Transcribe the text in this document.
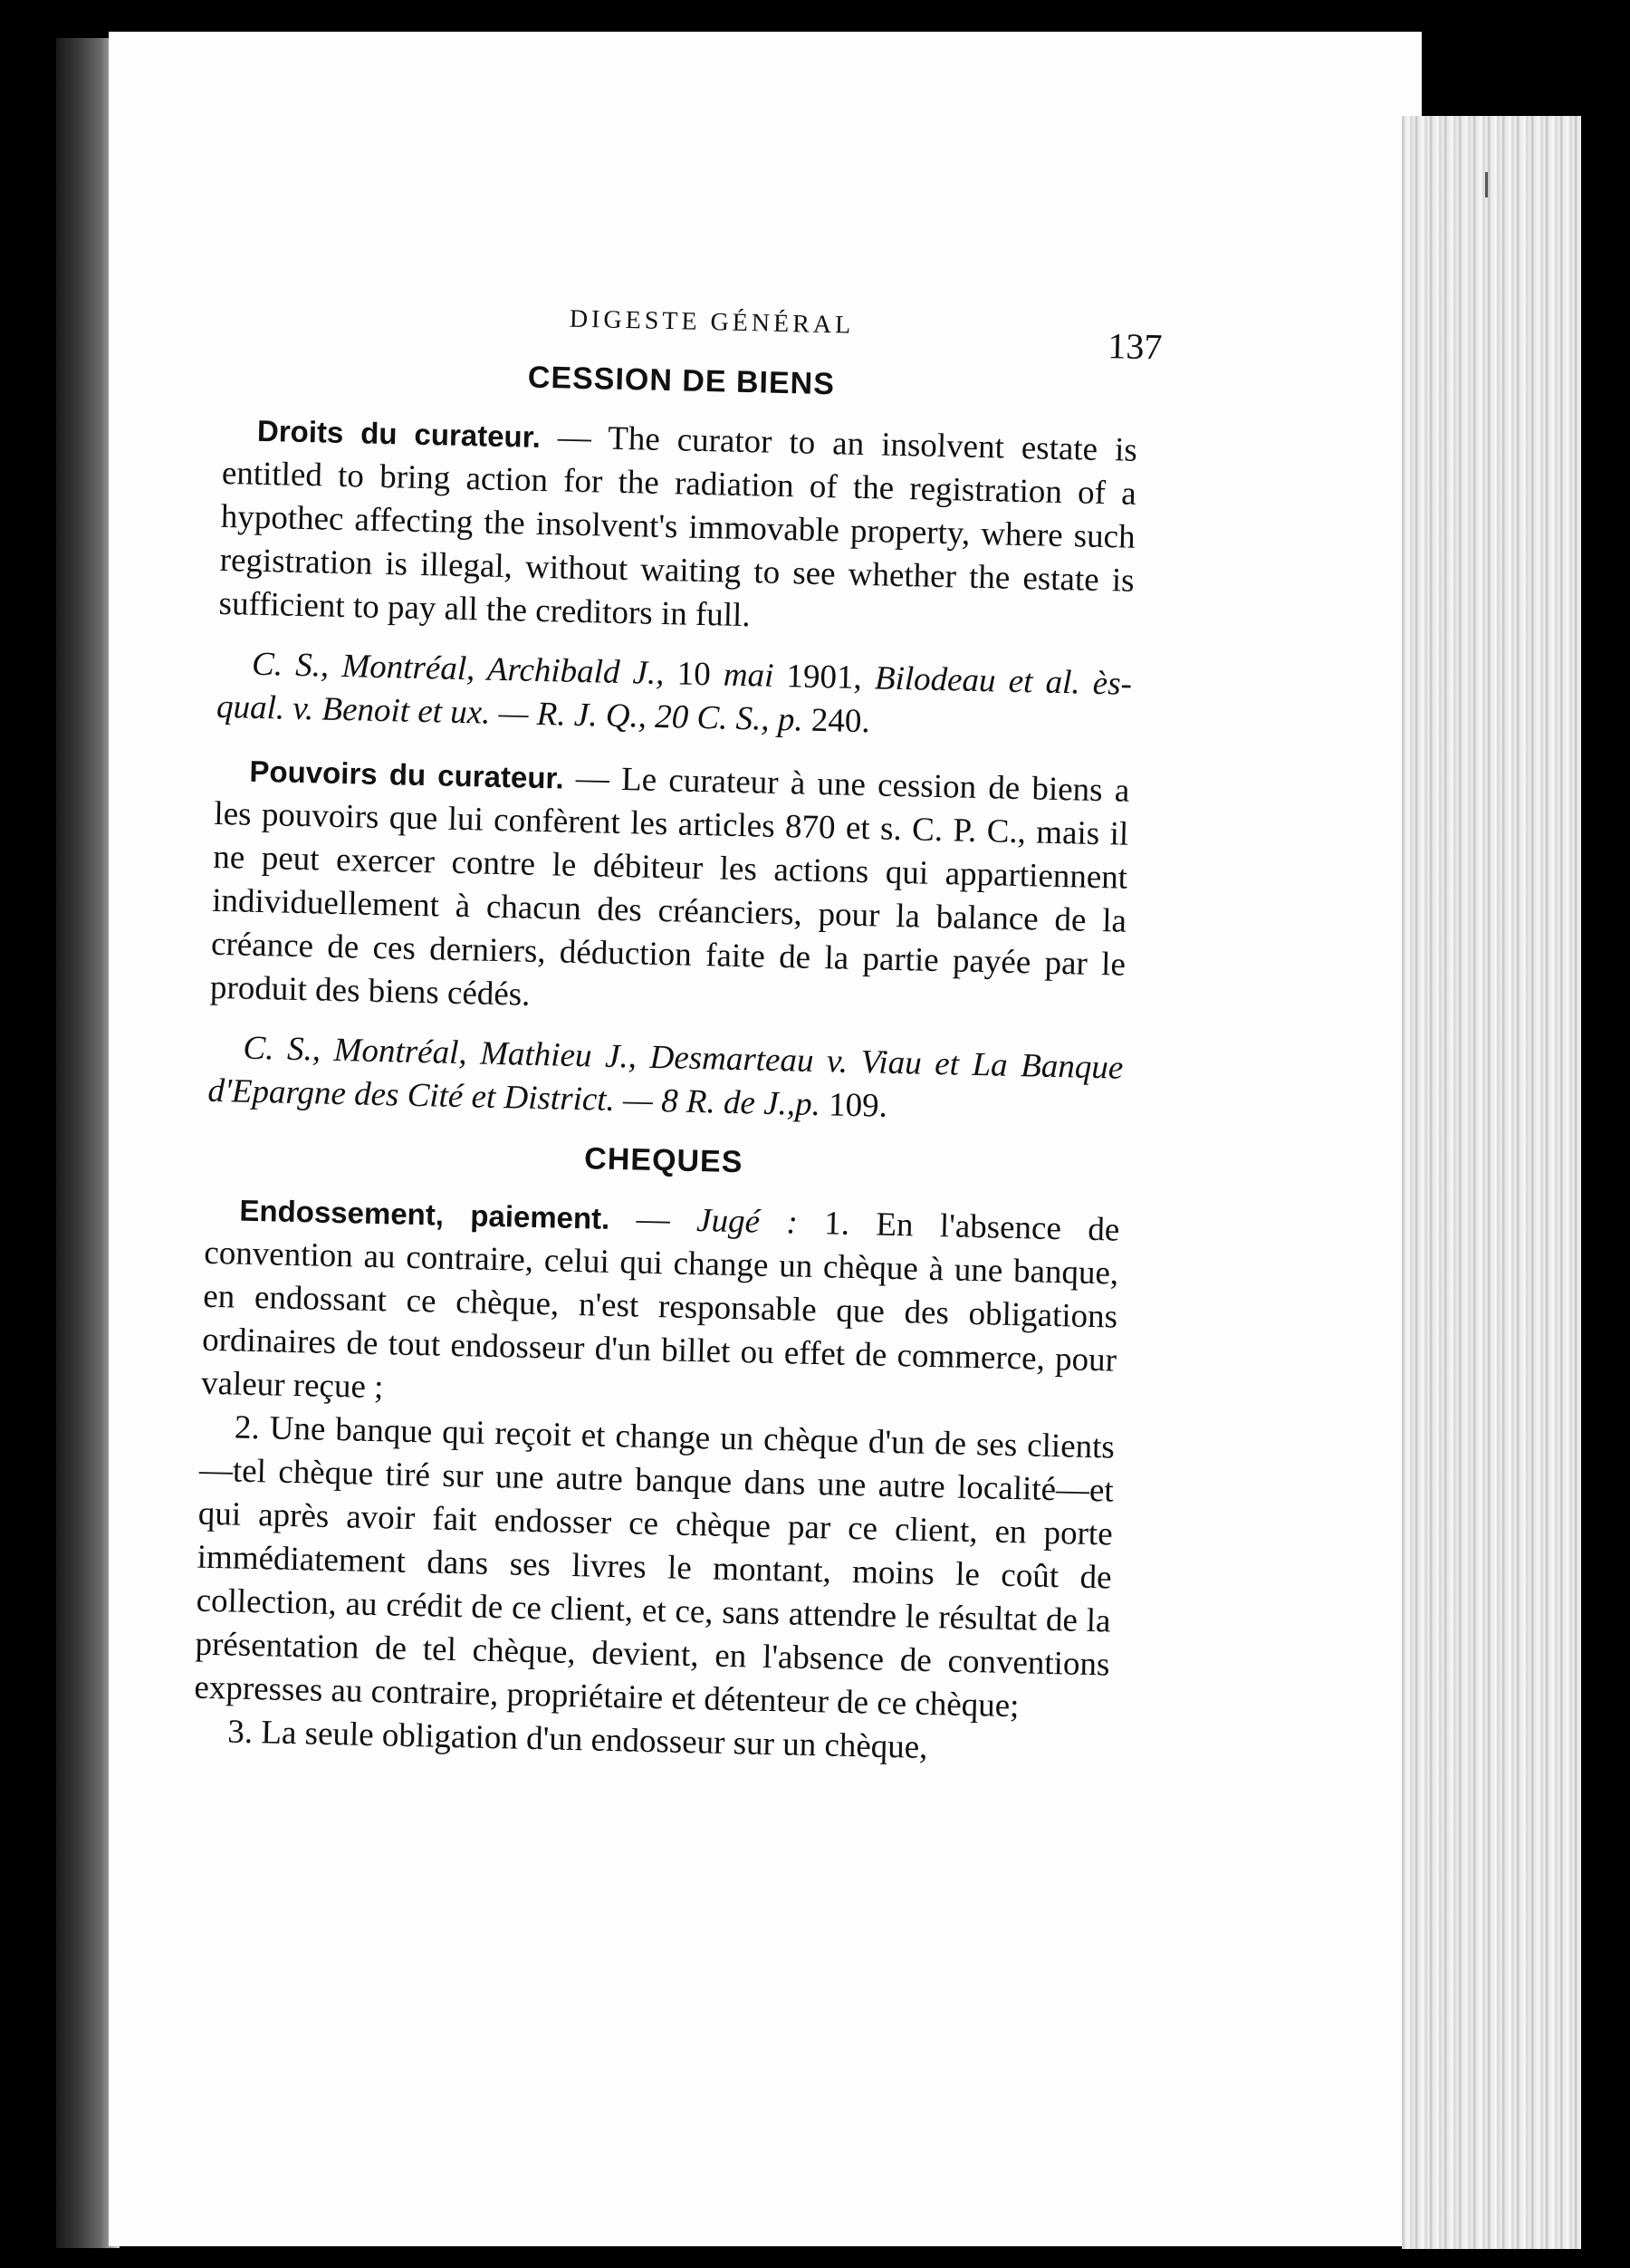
DIGESTE GÉNÉRAL
137
CESSION DE BIENS

Droits du curateur. — The curator to an insolvent estate is entitled to bring action for the radiation of the registration of a hypothec affecting the insolvent's immovable property, where such registration is illegal, without waiting to see whether the estate is sufficient to pay all the creditors in full.

C. S., Montréal, Archibald J., 10 mai 1901, Bilodeau et al. ès-qual. v. Benoit et ux. — R. J. Q., 20 C. S., p. 240.

Pouvoirs du curateur. — Le curateur à une cession de biens a les pouvoirs que lui confèrent les articles 870 et s. C. P. C., mais il ne peut exercer contre le débiteur les actions qui appartiennent individuellement à chacun des créanciers, pour la balance de la créance de ces derniers, déduction faite de la partie payée par le produit des biens cédés.

C. S., Montréal, Mathieu J., Desmarteau v. Viau et La Banque d'Epargne des Cité et District. — 8 R. de J.,p. 109.

CHEQUES

Endossement, paiement. — Jugé : 1. En l'absence de convention au contraire, celui qui change un chèque à une banque, en endossant ce chèque, n'est responsable que des obligations ordinaires de tout endosseur d'un billet ou effet de commerce, pour valeur reçue ;

2. Une banque qui reçoit et change un chèque d'un de ses clients—tel chèque tiré sur une autre banque dans une autre localité—et qui après avoir fait endosser ce chèque par ce client, en porte immédiatement dans ses livres le montant, moins le coût de collection, au crédit de ce client, et ce, sans attendre le résultat de la présentation de tel chèque, devient, en l'absence de conventions expresses au contraire, propriétaire et détenteur de ce chèque;

3. La seule obligation d'un endosseur sur un chèque,
